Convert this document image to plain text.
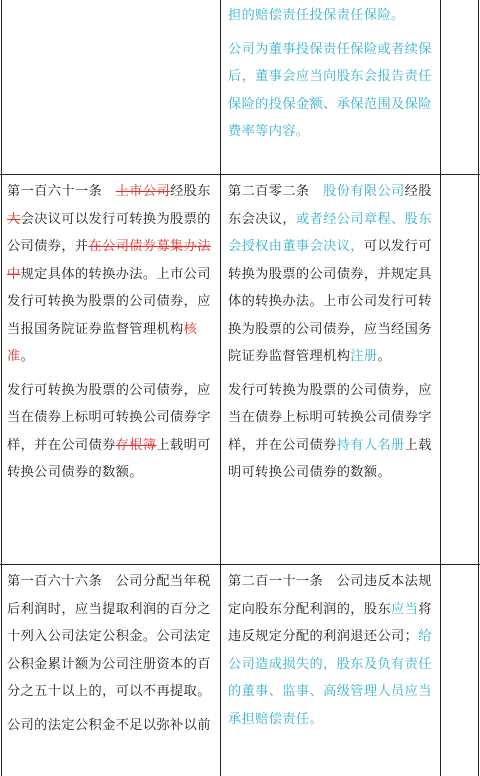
担的赔偿责任投保责任保险。

公司为董事投保责任保险或者续保后，董事会应当向股东会报告责任保险的投保金额、承保范围及保险费率等内容。

第一百六十一条　上市公司经股东大会决议可以发行可转换为股票的公司债券，并在公司债券募集办法中规定具体的转换办法。上市公司发行可转换为股票的公司债券，应当报国务院证券监督管理机构核准。

发行可转换为股票的公司债券，应当在债券上标明可转换公司债券字样，并在公司债券存根簿上载明可转换公司债券的数额。

第二百零二条　股份有限公司经股东会决议，或者经公司章程、股东会授权由董事会决议，可以发行可转换为股票的公司债券，并规定具体的转换办法。上市公司发行可转换为股票的公司债券，应当经国务院证券监督管理机构注册。

发行可转换为股票的公司债券，应当在债券上标明可转换公司债券字样，并在公司债券持有人名册上载明可转换公司债券的数额。

第一百六十六条　公司分配当年税后利润时，应当提取利润的百分之十列入公司法定公积金。公司法定公积金累计额为公司注册资本的百分之五十以上的，可以不再提取。

公司的法定公积金不足以弥补以前

第二百一十一条　公司违反本法规定向股东分配利润的，股东应当将违反规定分配的利润退还公司；给公司造成损失的，股东及负有责任的董事、监事、高级管理人员应当承担赔偿责任。
